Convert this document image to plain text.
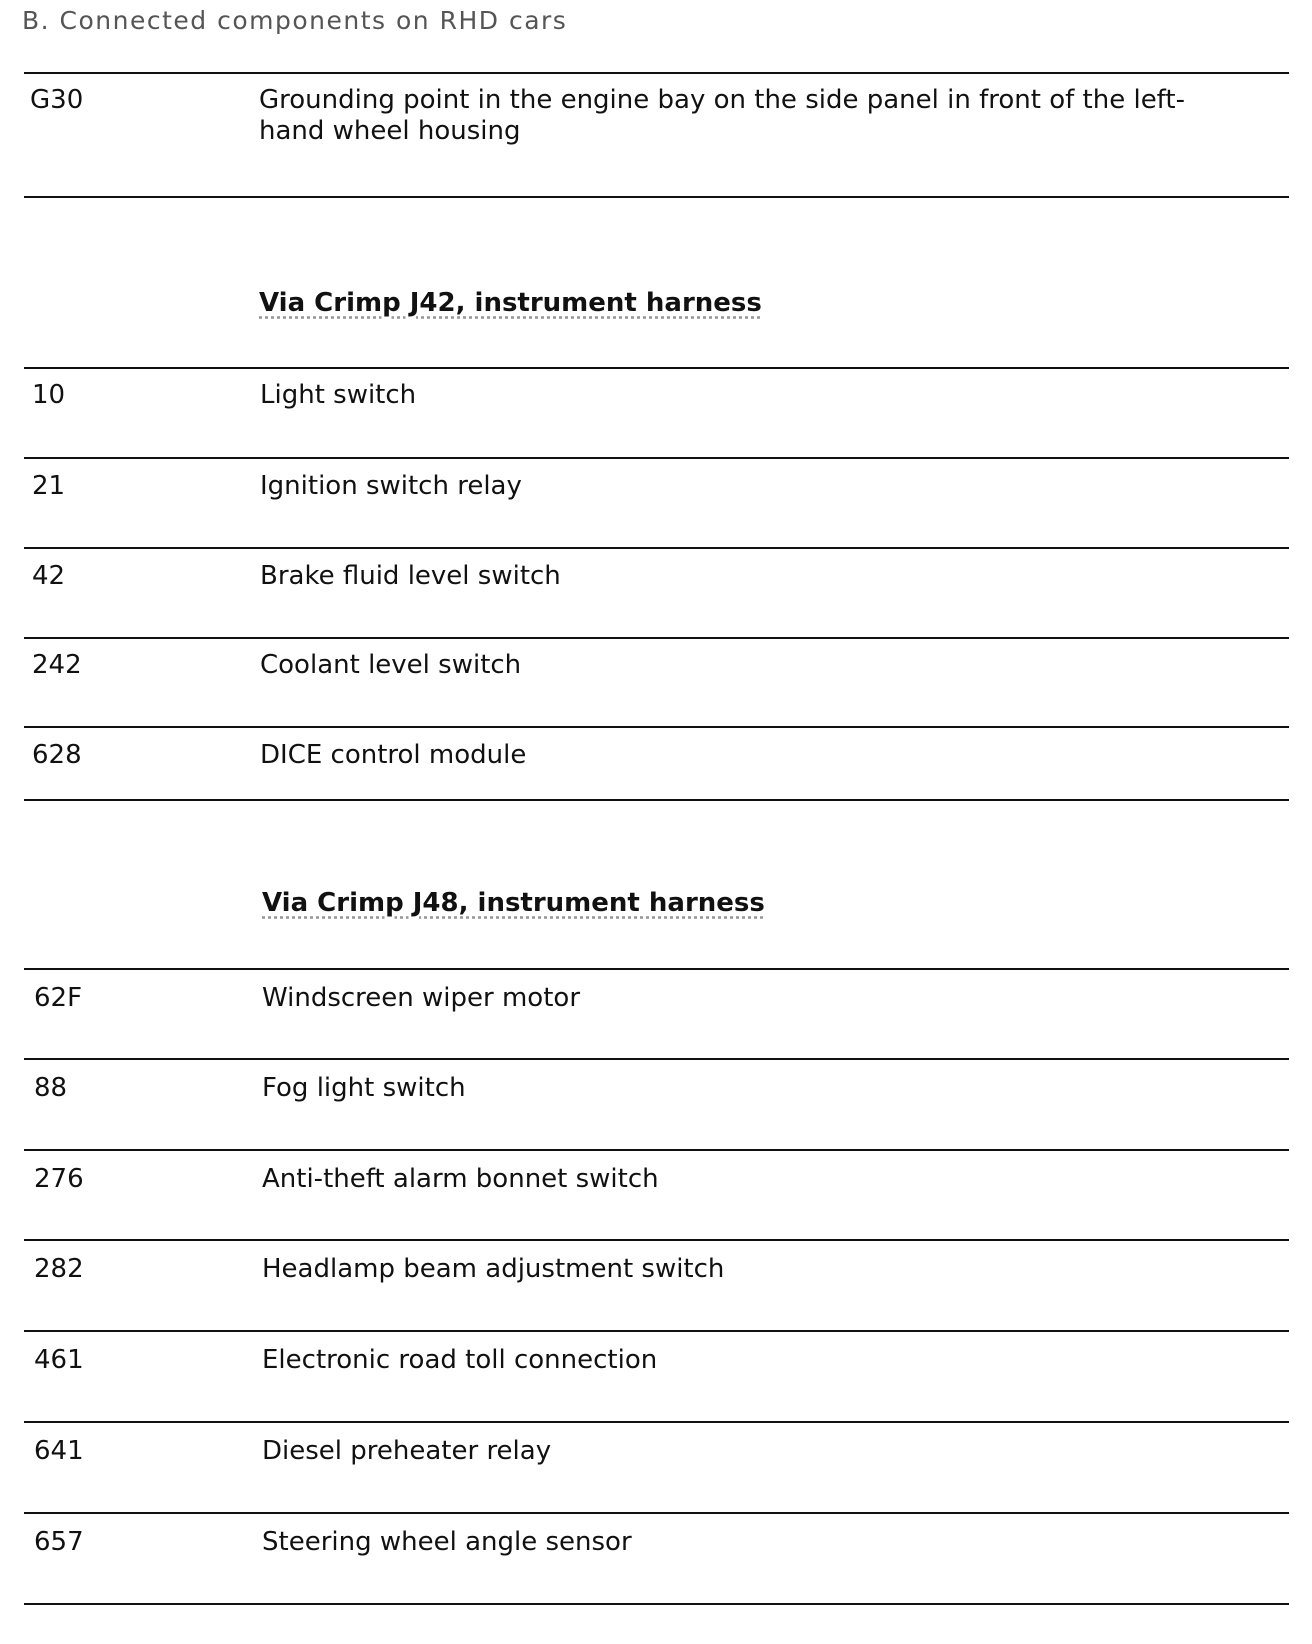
B. Connected components on RHD cars
G30	Grounding point in the engine bay on the side panel in front of the left-hand wheel housing
Via Crimp J42, instrument harness
10	Light switch
21	Ignition switch relay
42	Brake fluid level switch
242	Coolant level switch
628	DICE control module
Via Crimp J48, instrument harness
62F	Windscreen wiper motor
88	Fog light switch
276	Anti-theft alarm bonnet switch
282	Headlamp beam adjustment switch
461	Electronic road toll connection
641	Diesel preheater relay
657	Steering wheel angle sensor
